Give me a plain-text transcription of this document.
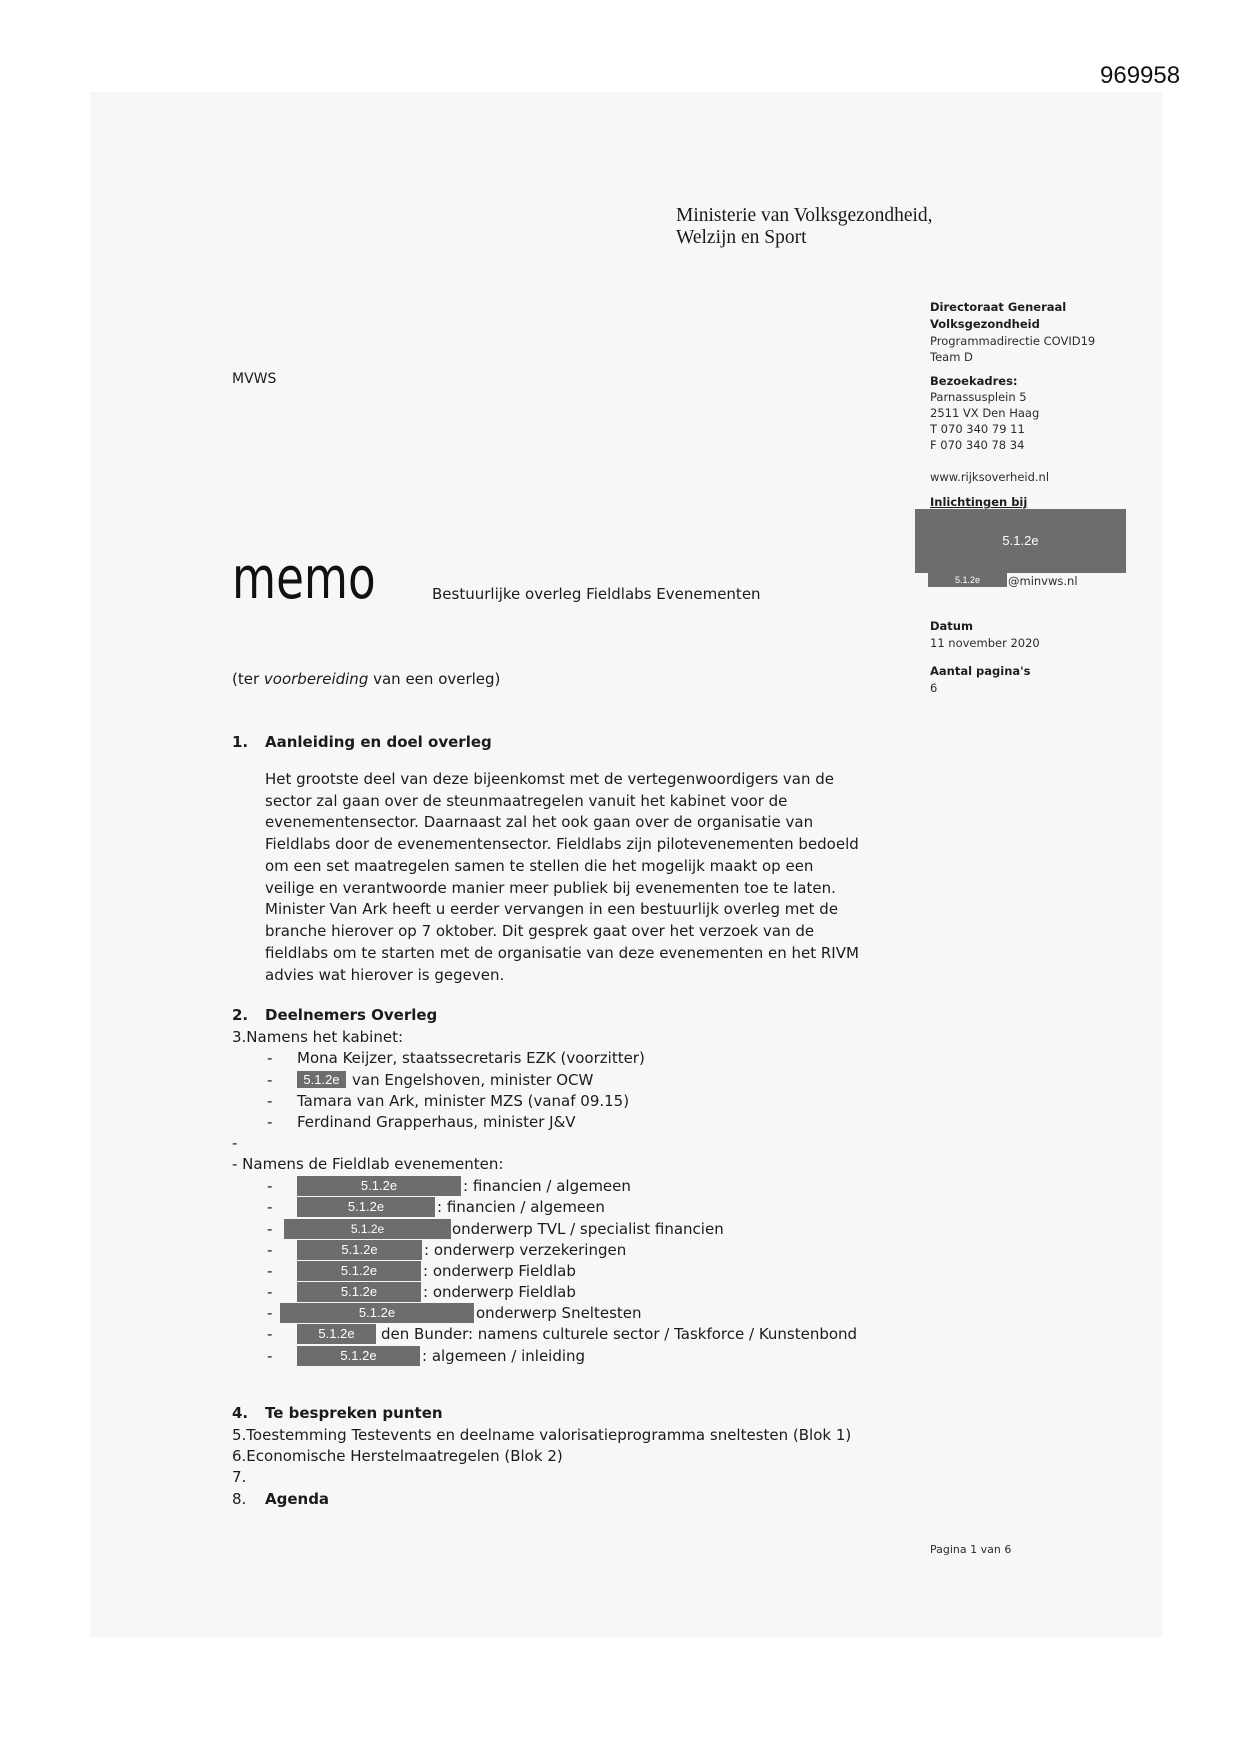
969958
Ministerie van Volksgezondheid,
Welzijn en Sport
MVWS
Directoraat Generaal
Volksgezondheid
Programmadirectie COVID19
Team D
Bezoekadres:
Parnassusplein 5
2511 VX Den Haag
T 070 340 79 11
F 070 340 78 34
www.rijksoverheid.nl
Inlichtingen bij
5.1.2e
5.1.2e	@minvws.nl
Datum
11 november 2020
Aantal pagina's
6
memo	Bestuurlijke overleg Fieldlabs Evenementen
(ter voorbereiding van een overleg)
1. Aanleiding en doel overleg
Het grootste deel van deze bijeenkomst met de vertegenwoordigers van de
sector zal gaan over de steunmaatregelen vanuit het kabinet voor de
evenementensector. Daarnaast zal het ook gaan over de organisatie van
Fieldlabs door de evenementensector. Fieldlabs zijn pilotevenementen bedoeld
om een set maatregelen samen te stellen die het mogelijk maakt op een
veilige en verantwoorde manier meer publiek bij evenementen toe te laten.
Minister Van Ark heeft u eerder vervangen in een bestuurlijk overleg met de
branche hierover op 7 oktober. Dit gesprek gaat over het verzoek van de
fieldlabs om te starten met de organisatie van deze evenementen en het RIVM
advies wat hierover is gegeven.
2. Deelnemers Overleg
3.Namens het kabinet:
- Mona Keijzer, staatssecretaris EZK (voorzitter)
-	5.1.2e van Engelshoven, minister OCW
- Tamara van Ark, minister MZS (vanaf 09.15)
- Ferdinand Grapperhaus, minister J&V
-
- Namens de Fieldlab evenementen:
-	5.1.2e	: financien / algemeen
-	5.1.2e	: financien / algemeen
-	5.1.2e	onderwerp TVL / specialist financien
-	5.1.2e	: onderwerp verzekeringen
-	5.1.2e	: onderwerp Fieldlab
-	5.1.2e	: onderwerp Fieldlab
-	5.1.2e	onderwerp Sneltesten
-	5.1.2e	den Bunder: namens culturele sector / Taskforce / Kunstenbond
-	5.1.2e	: algemeen / inleiding
4. Te bespreken punten
5.Toestemming Testevents en deelname valorisatieprogramma sneltesten (Blok 1)
6.Economische Herstelmaatregelen (Blok 2)
7.
8. Agenda
Pagina 1 van 6
